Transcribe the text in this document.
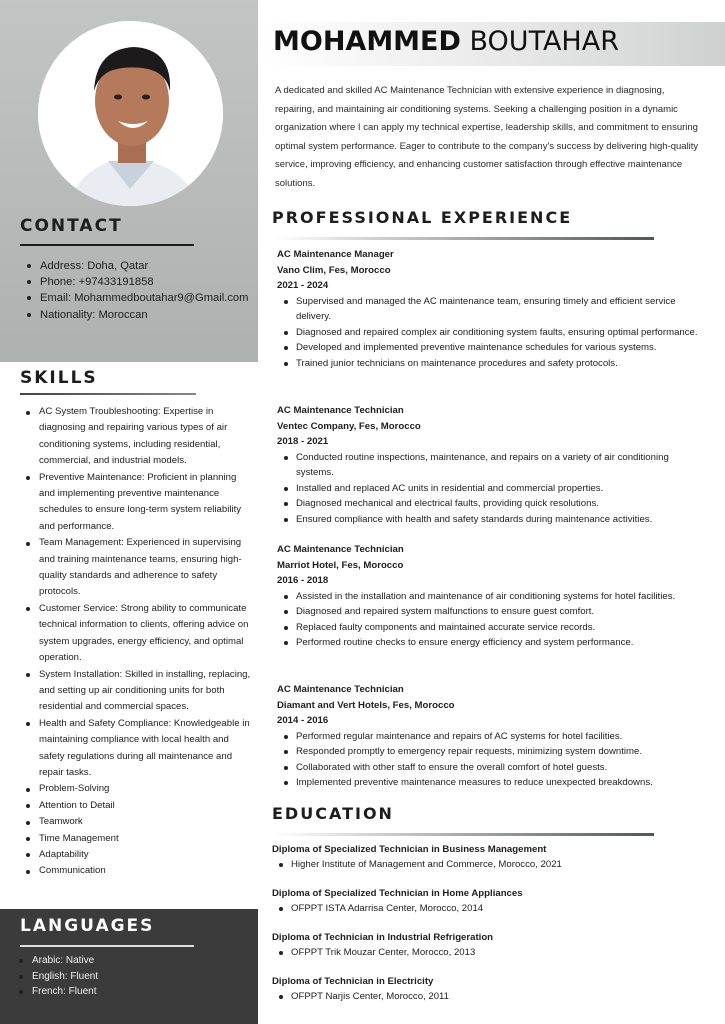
CONTACT
Address: Doha, Qatar
Phone: +97433191858
Email: Mohammedboutahar9@Gmail.com
Nationality: Moroccan
SKILLS
AC System Troubleshooting: Expertise in diagnosing and repairing various types of air conditioning systems, including residential, commercial, and industrial models.
Preventive Maintenance: Proficient in planning and implementing preventive maintenance schedules to ensure long-term system reliability and performance.
Team Management: Experienced in supervising and training maintenance teams, ensuring high-quality standards and adherence to safety protocols.
Customer Service: Strong ability to communicate technical information to clients, offering advice on system upgrades, energy efficiency, and optimal operation.
System Installation: Skilled in installing, replacing, and setting up air conditioning units for both residential and commercial spaces.
Health and Safety Compliance: Knowledgeable in maintaining compliance with local health and safety regulations during all maintenance and repair tasks.
Problem-Solving
Attention to Detail
Teamwork
Time Management
Adaptability
Communication
LANGUAGES
Arabic: Native
English: Fluent
French: Fluent
MOHAMMED BOUTAHAR

A dedicated and skilled AC Maintenance Technician with extensive experience in diagnosing, repairing, and maintaining air conditioning systems. Seeking a challenging position in a dynamic organization where I can apply my technical expertise, leadership skills, and commitment to ensuring optimal system performance. Eager to contribute to the company's success by delivering high-quality service, improving efficiency, and enhancing customer satisfaction through effective maintenance solutions.

PROFESSIONAL EXPERIENCE
AC Maintenance Manager
Vano Clim, Fes, Morocco
2021 - 2024
Supervised and managed the AC maintenance team, ensuring timely and efficient service delivery.
Diagnosed and repaired complex air conditioning system faults, ensuring optimal performance.
Developed and implemented preventive maintenance schedules for various systems.
Trained junior technicians on maintenance procedures and safety protocols.
AC Maintenance Technician
Ventec Company, Fes, Morocco
2018 - 2021
Conducted routine inspections, maintenance, and repairs on a variety of air conditioning systems.
Installed and replaced AC units in residential and commercial properties.
Diagnosed mechanical and electrical faults, providing quick resolutions.
Ensured compliance with health and safety standards during maintenance activities.
AC Maintenance Technician
Marriot Hotel, Fes, Morocco
2016 - 2018
Assisted in the installation and maintenance of air conditioning systems for hotel facilities.
Diagnosed and repaired system malfunctions to ensure guest comfort.
Replaced faulty components and maintained accurate service records.
Performed routine checks to ensure energy efficiency and system performance.
AC Maintenance Technician
Diamant and Vert Hotels, Fes, Morocco
2014 - 2016
Performed regular maintenance and repairs of AC systems for hotel facilities.
Responded promptly to emergency repair requests, minimizing system downtime.
Collaborated with other staff to ensure the overall comfort of hotel guests.
Implemented preventive maintenance measures to reduce unexpected breakdowns.
EDUCATION
Diploma of Specialized Technician in Business Management
Higher Institute of Management and Commerce, Morocco, 2021
Diploma of Specialized Technician in Home Appliances
OFPPT ISTA Adarrisa Center, Morocco, 2014
Diploma of Technician in Industrial Refrigeration
OFPPT Trik Mouzar Center, Morocco, 2013
Diploma of Technician in Electricity
OFPPT Narjis Center, Morocco, 2011
